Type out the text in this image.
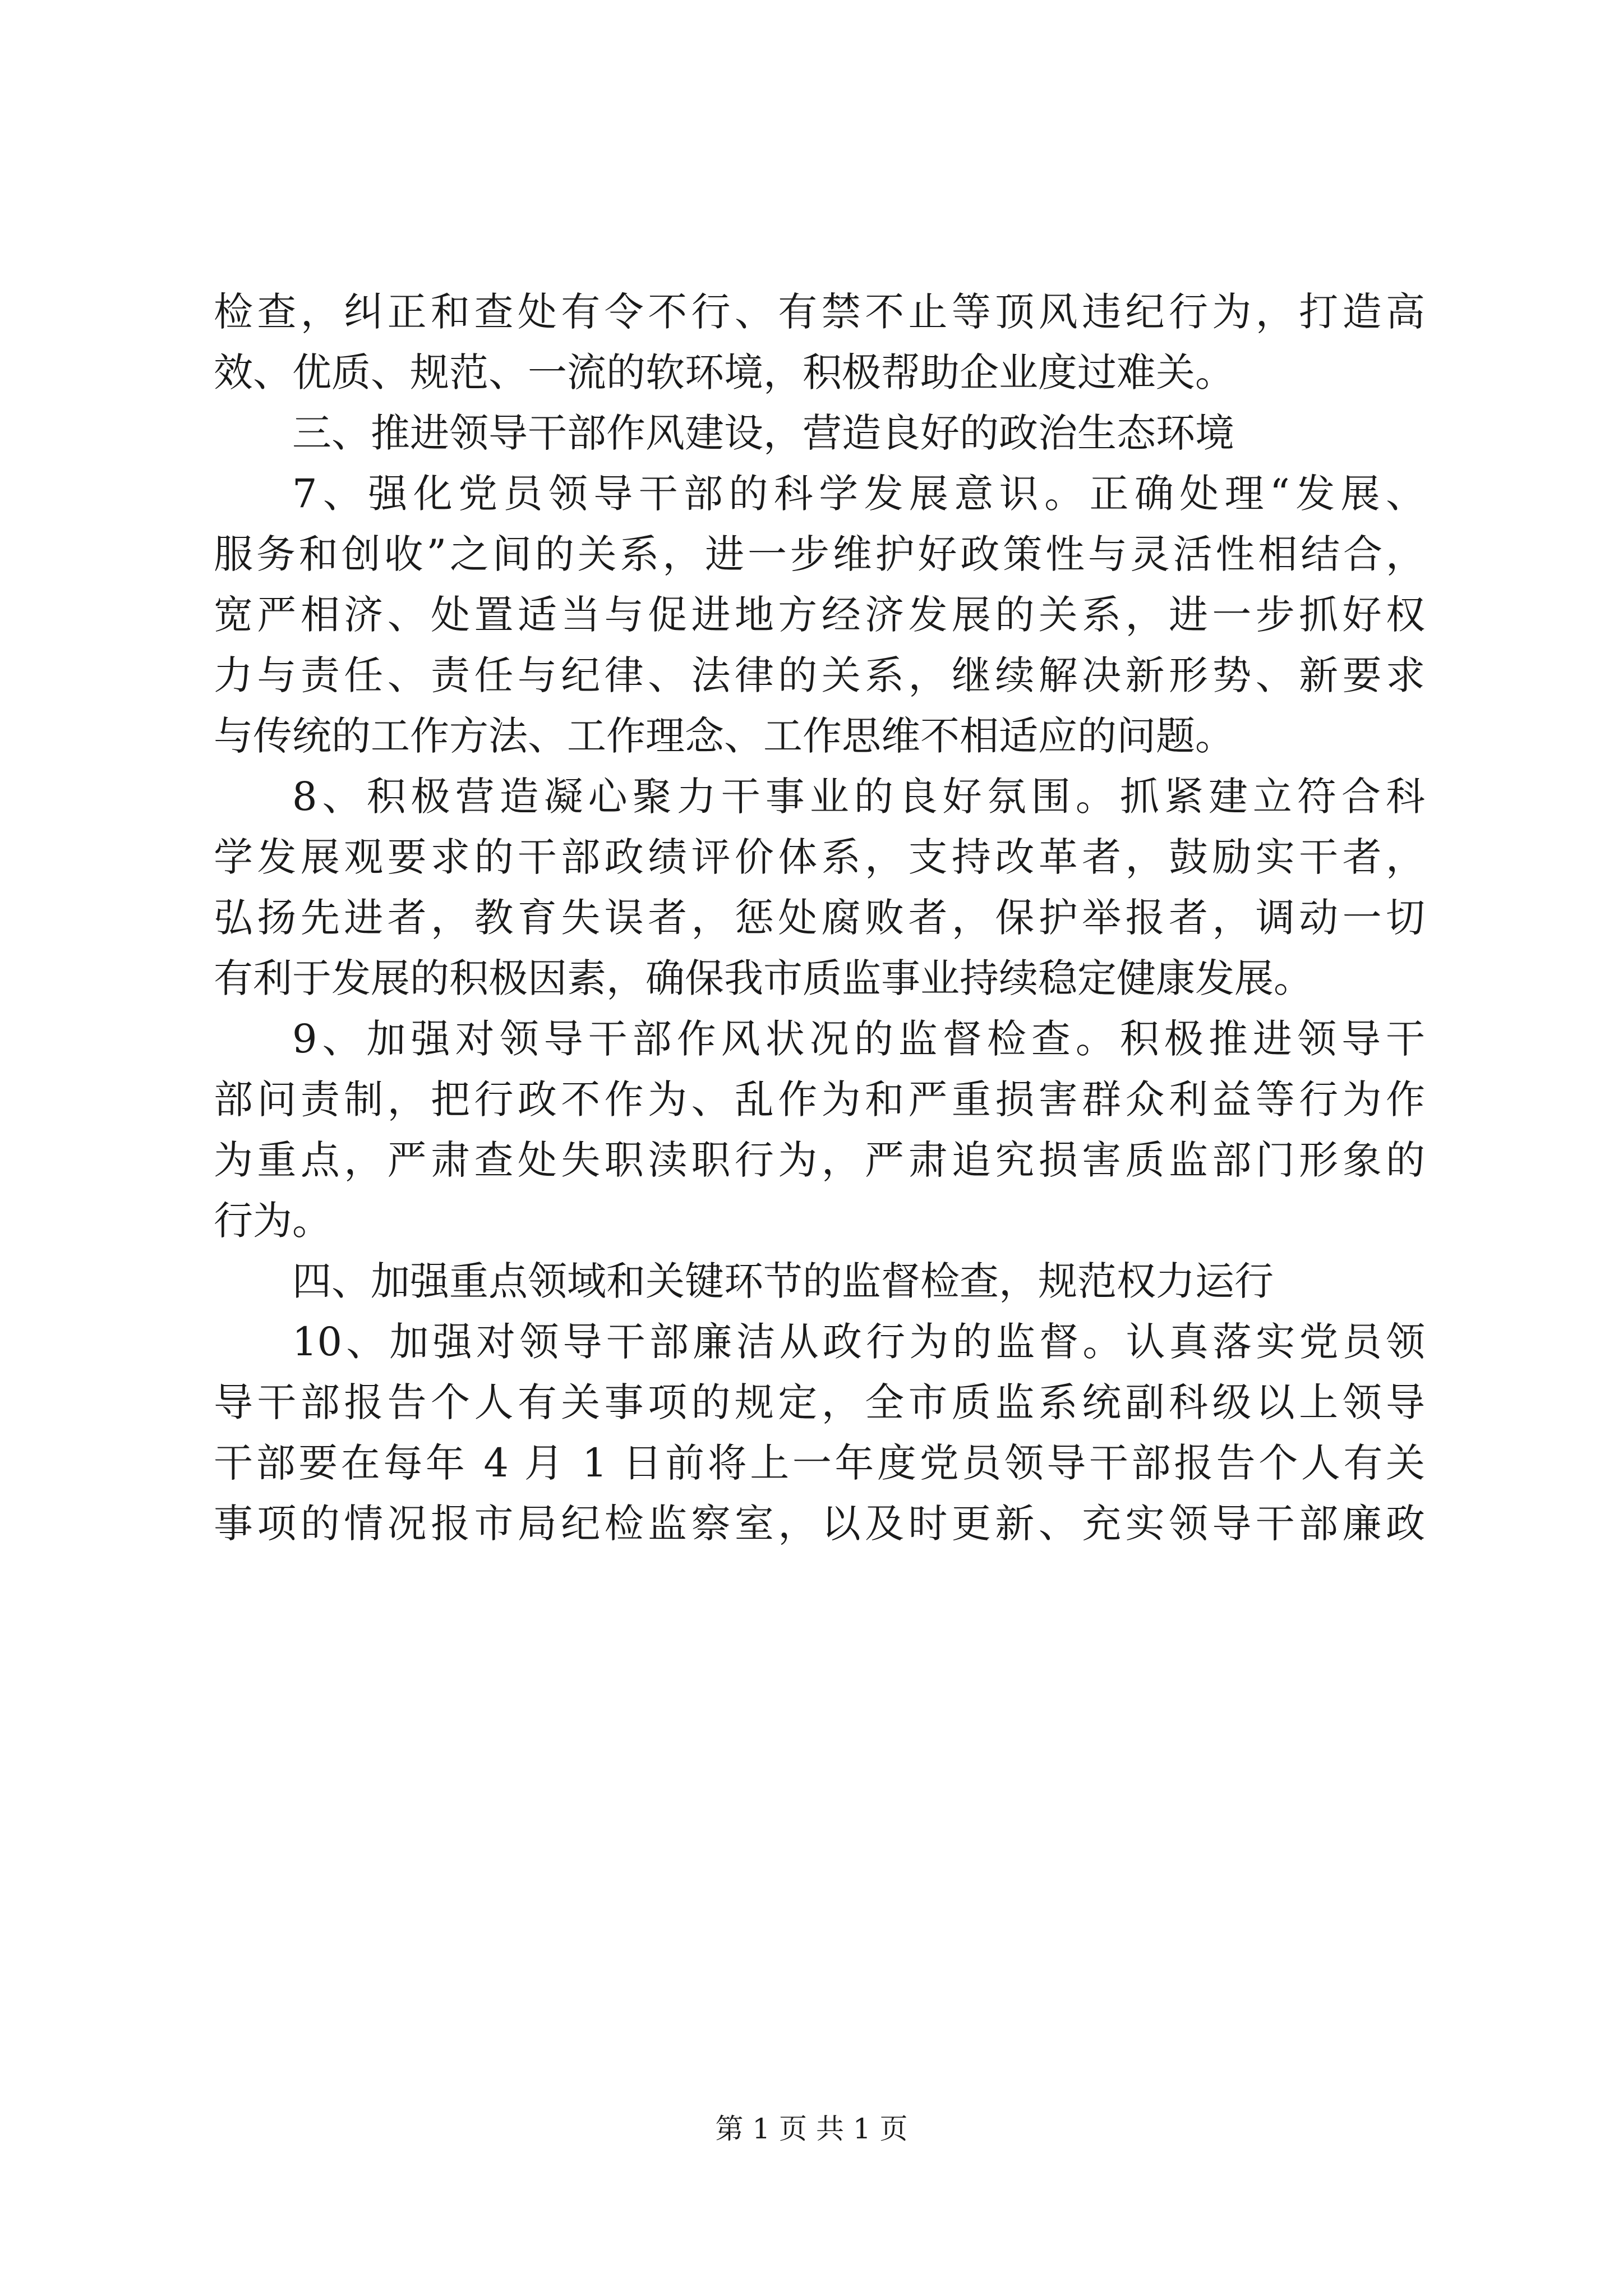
检查，纠正和查处有令不行、有禁不止等顶风违纪行为，打造高
效、优质、规范、一流的软环境，积极帮助企业度过难关。
三、推进领导干部作风建设，营造良好的政治生态环境
7、强化党员领导干部的科学发展意识。正确处理“发展、
服务和创收”之间的关系，进一步维护好政策性与灵活性相结合，
宽严相济、处置适当与促进地方经济发展的关系，进一步抓好权
力与责任、责任与纪律、法律的关系，继续解决新形势、新要求
与传统的工作方法、工作理念、工作思维不相适应的问题。
8、积极营造凝心聚力干事业的良好氛围。抓紧建立符合科
学发展观要求的干部政绩评价体系，支持改革者，鼓励实干者，
弘扬先进者，教育失误者，惩处腐败者，保护举报者，调动一切
有利于发展的积极因素，确保我市质监事业持续稳定健康发展。
9、加强对领导干部作风状况的监督检查。积极推进领导干
部问责制，把行政不作为、乱作为和严重损害群众利益等行为作
为重点，严肃查处失职渎职行为，严肃追究损害质监部门形象的
行为。
四、加强重点领域和关键环节的监督检查，规范权力运行
10、加强对领导干部廉洁从政行为的监督。认真落实党员领
导干部报告个人有关事项的规定，全市质监系统副科级以上领导
干部要在每年 4 月 1 日前将上一年度党员领导干部报告个人有关
事项的情况报市局纪检监察室，以及时更新、充实领导干部廉政
第 1 页 共 1 页
